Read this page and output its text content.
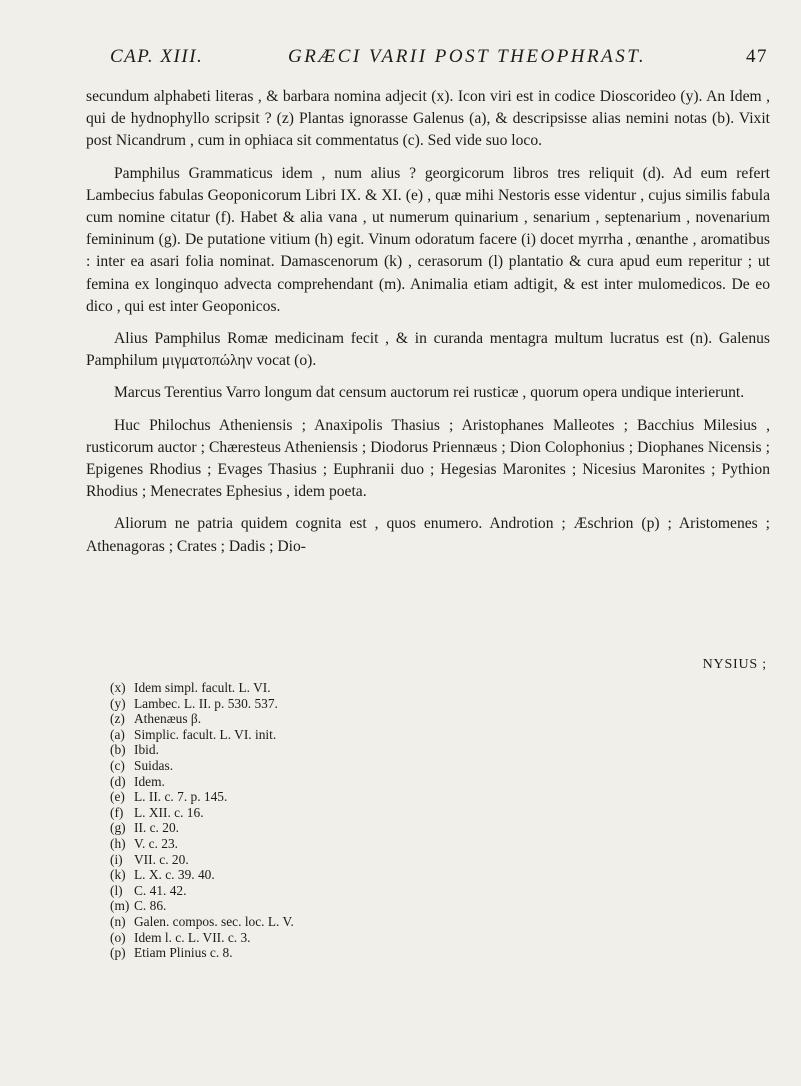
CAP. XIII.	GRÆCI VARII POST THEOPHRAST.	47

secundum alphabeti literas , & barbara nomina adjecit (x). Icon viri est in codice Dioscorideo (y). An Idem , qui de hydnophyllo scripsit ? (z) Plantas ignorasse Galenus (a), & descripsisse alias nemini notas (b). Vixit post Nicandrum , cum in ophiaca sit commentatus (c). Sed vide suo loco.

Pamphilus Grammaticus idem , num alius ? georgicorum libros tres reliquit (d). Ad eum refert Lambecius fabulas Geoponicorum Libri IX. & XI. (e) , quæ mihi Nestoris esse videntur , cujus similis fabula cum nomine citatur (f). Habet & alia vana , ut numerum quinarium , senarium , septenarium , novenarium femininum (g). De putatione vitium (h) egit. Vinum odoratum facere (i) docet myrrha , œnanthe , aromatibus : inter ea asari folia nominat. Damascenorum (k) , cerasorum (l) plantatio & cura apud eum reperitur ; ut femina ex longinquo advecta comprehendant (m). Animalia etiam adtigit, & est inter mulomedicos. De eo dico , qui est inter Geoponicos.

Alius Pamphilus Romæ medicinam fecit , & in curanda mentagra multum lucratus est (n). Galenus Pamphilum μιγματοπώλην vocat (o).

Marcus Terentius Varro longum dat censum auctorum rei rusticæ , quorum opera undique interierunt.

Huc Philochus Atheniensis ; Anaxipolis Thasius ; Aristophanes Malleotes ; Bacchius Milesius , rusticorum auctor ; Chæresteus Atheniensis ; Diodorus Priennæus ; Dion Colophonius ; Diophanes Nicensis ; Epigenes Rhodius ; Evages Thasius ; Euphranii duo ; Hegesias Maronites ; Nicesius Maronites ; Pythion Rhodius ; Menecrates Ephesius , idem poeta.

Aliorum ne patria quidem cognita est , quos enumero. Androtion ; Æschrion (p) ; Aristomenes ; Athenagoras ; Crates ; Dadis ; Dio-

NYSIUS ;
(x) Idem simpl. facult. L. VI.
(y) Lambec. L. II. p. 530. 537.
(z) Athenæus β.
(a) Simplic. facult. L. VI. init.
(b) Ibid.
(c) Suidas.
(d) Idem.
(e) L. II. c. 7. p. 145.
(f) L. XII. c. 16.
(g) II. c. 20.
(h) V. c. 23.
(i) VII. c. 20.
(k) L. X. c. 39. 40.
(l) C. 41. 42.
(m) C. 86.
(n) Galen. compos. sec. loc. L. V.
(o) Idem l. c. L. VII. c. 3.
(p) Etiam Plinius c. 8.
